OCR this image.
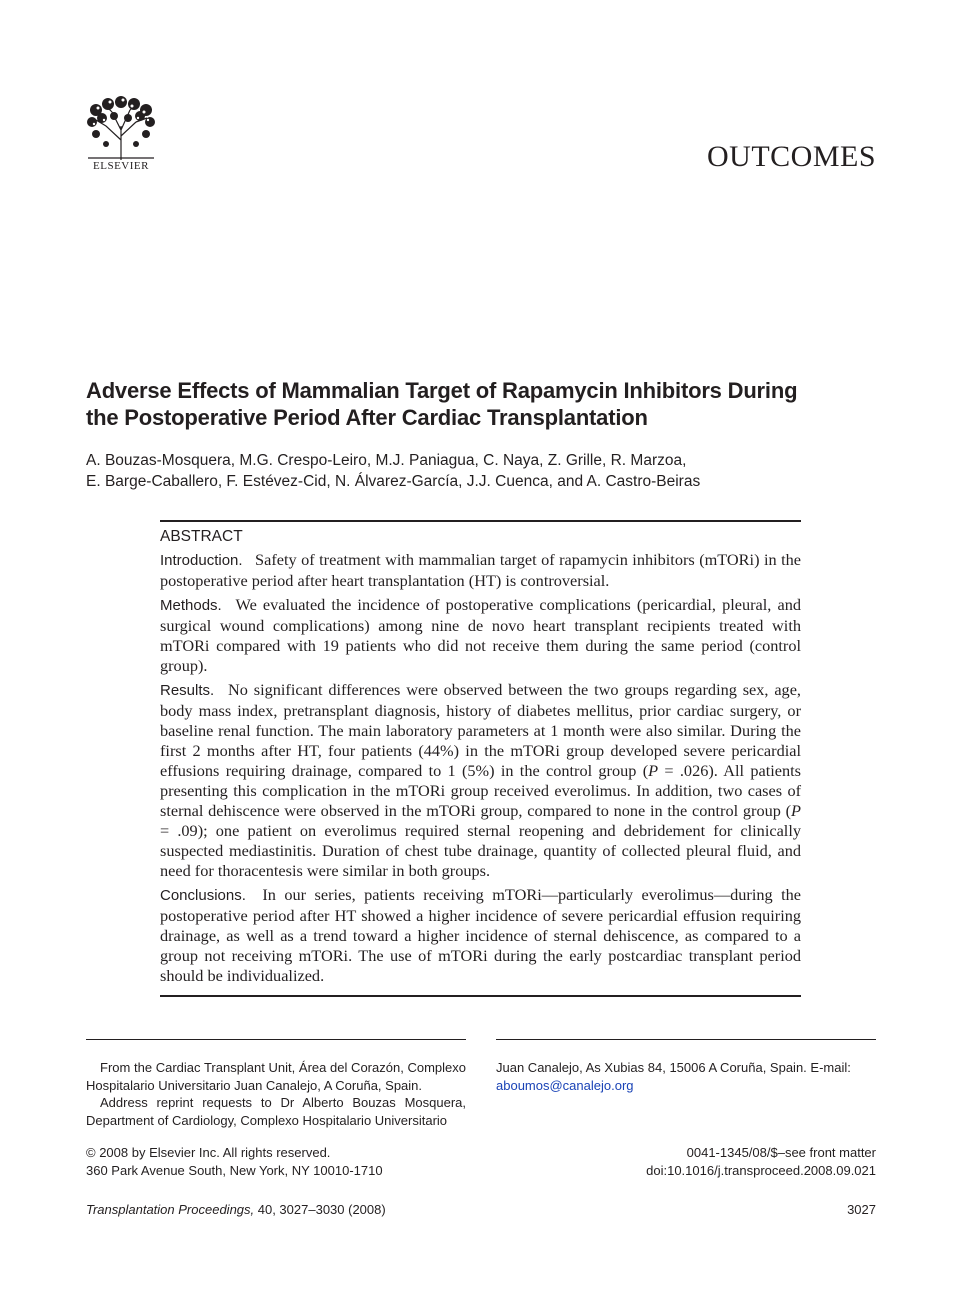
ELSEVIER	OUTCOMES
Adverse Effects of Mammalian Target of Rapamycin Inhibitors During
the Postoperative Period After Cardiac Transplantation
A. Bouzas-Mosquera, M.G. Crespo-Leiro, M.J. Paniagua, C. Naya, Z. Grille, R. Marzoa,
E. Barge-Caballero, F. Estévez-Cid, N. Álvarez-García, J.J. Cuenca, and A. Castro-Beiras
ABSTRACT

Introduction. Safety of treatment with mammalian target of rapamycin inhibitors (mTORi) in the postoperative period after heart transplantation (HT) is controversial.

Methods. We evaluated the incidence of postoperative complications (pericardial, pleural, and surgical wound complications) among nine de novo heart transplant recipients treated with mTORi compared with 19 patients who did not receive them during the same period (control group).

Results. No significant differences were observed between the two groups regarding sex, age, body mass index, pretransplant diagnosis, history of diabetes mellitus, prior cardiac surgery, or baseline renal function. The main laboratory parameters at 1 month were also similar. During the first 2 months after HT, four patients (44%) in the mTORi group developed severe pericardial effusions requiring drainage, compared to 1 (5%) in the control group (P = .026). All patients presenting this complication in the mTORi group received everolimus. In addition, two cases of sternal dehiscence were observed in the mTORi group, compared to none in the control group (P = .09); one patient on everolimus required sternal reopening and debridement for clinically suspected mediastinitis. Duration of chest tube drainage, quantity of collected pleural fluid, and need for thoracentesis were similar in both groups.

Conclusions. In our series, patients receiving mTORi—particularly everolimus—during the postoperative period after HT showed a higher incidence of severe pericardial effusion requiring drainage, as well as a trend toward a higher incidence of sternal dehiscence, as compared to a group not receiving mTORi. The use of mTORi during the early postcardiac transplant period should be individualized.

From the Cardiac Transplant Unit, Área del Corazón, Complexo Hospitalario Universitario Juan Canalejo, A Coruña, Spain.

Address reprint requests to Dr Alberto Bouzas Mosquera, Department of Cardiology, Complexo Hospitalario Universitario

Juan Canalejo, As Xubias 84, 15006 A Coruña, Spain. E-mail:
aboumos@canalejo.org
© 2008 by Elsevier Inc. All rights reserved.
360 Park Avenue South, New York, NY 10010-1710
0041-1345/08/$–see front matter
doi:10.1016/j.transproceed.2008.09.021
Transplantation Proceedings, 40, 3027–3030 (2008)	3027
